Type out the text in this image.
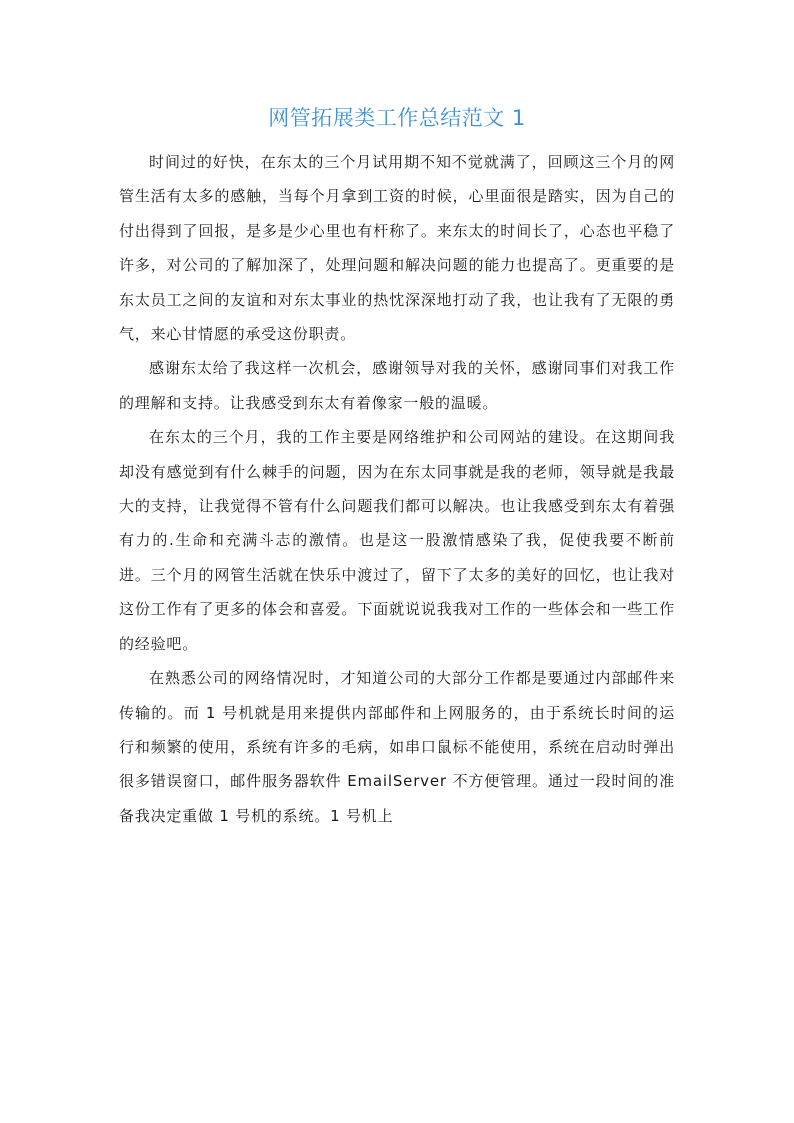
网管拓展类工作总结范文 1

时间过的好快，在东太的三个月试用期不知不觉就满了，回顾这三个月的网管生活有太多的感触，当每个月拿到工资的时候，心里面很是踏实，因为自己的付出得到了回报，是多是少心里也有杆称了。来东太的时间长了，心态也平稳了许多，对公司的了解加深了，处理问题和解决问题的能力也提高了。更重要的是东太员工之间的友谊和对东太事业的热忱深深地打动了我，也让我有了无限的勇气，来心甘情愿的承受这份职责。

感谢东太给了我这样一次机会，感谢领导对我的关怀，感谢同事们对我工作的理解和支持。让我感受到东太有着像家一般的温暖。

在东太的三个月，我的工作主要是网络维护和公司网站的建设。在这期间我却没有感觉到有什么棘手的问题，因为在东太同事就是我的老师，领导就是我最大的支持，让我觉得不管有什么问题我们都可以解决。也让我感受到东太有着强有力的.生命和充满斗志的激情。也是这一股激情感染了我，促使我要不断前进。三个月的网管生活就在快乐中渡过了，留下了太多的美好的回忆，也让我对这份工作有了更多的体会和喜爱。下面就说说我我对工作的一些体会和一些工作的经验吧。

在熟悉公司的网络情况时，才知道公司的大部分工作都是要通过内部邮件来传输的。而 1 号机就是用来提供内部邮件和上网服务的，由于系统长时间的运行和频繁的使用，系统有许多的毛病，如串口鼠标不能使用，系统在启动时弹出很多错误窗口，邮件服务器软件 EmailServer 不方便管理。通过一段时间的准备我决定重做 1 号机的系统。1 号机上
